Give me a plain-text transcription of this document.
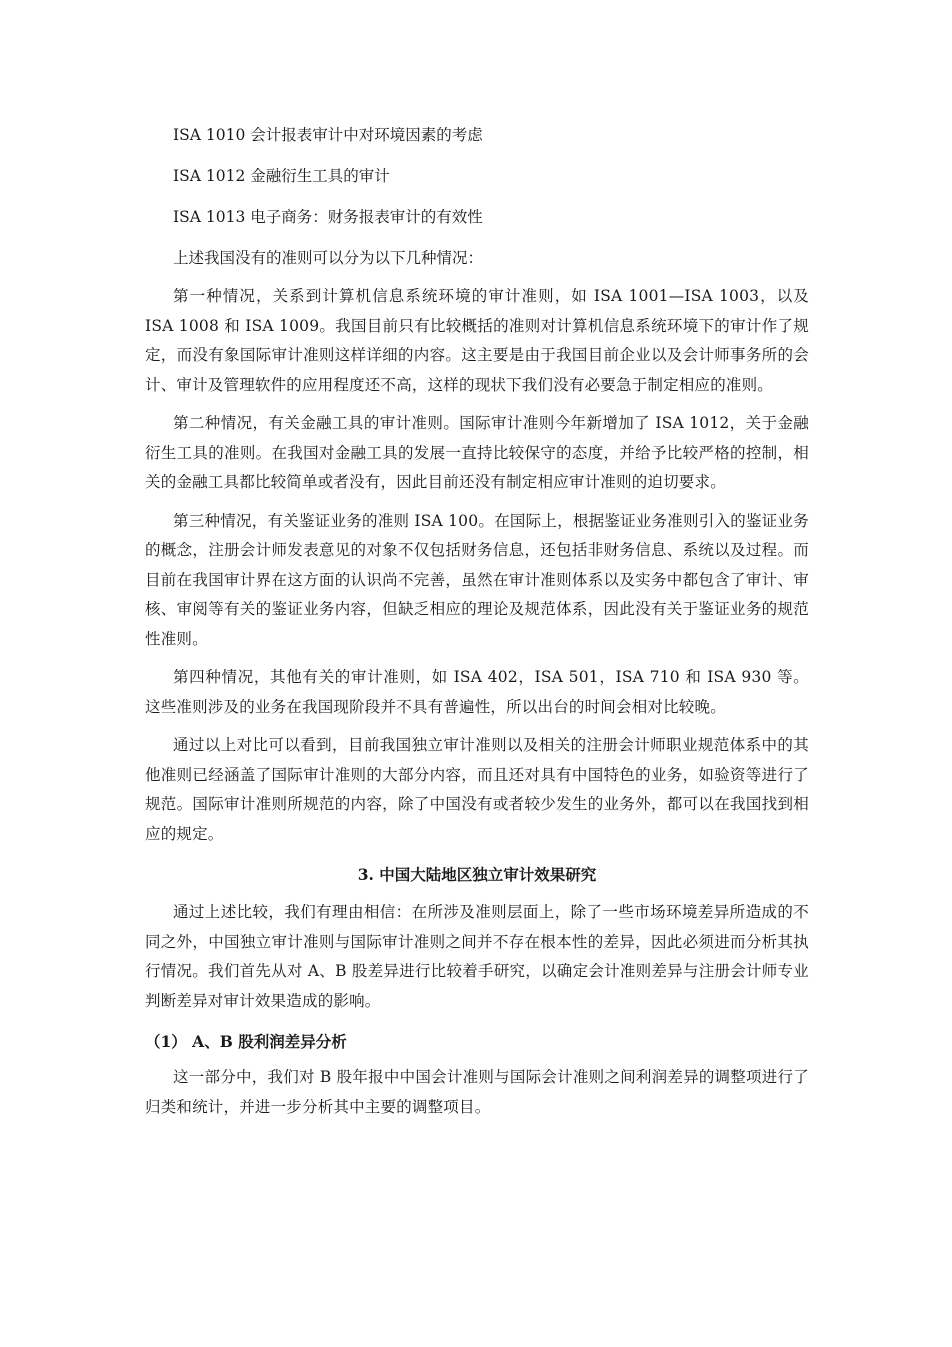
ISA 1010 会计报表审计中对环境因素的考虑
ISA 1012 金融衍生工具的审计
ISA 1013 电子商务：财务报表审计的有效性
上述我国没有的准则可以分为以下几种情况：

第一种情况，关系到计算机信息系统环境的审计准则，如 ISA 1001—ISA 1003，以及 ISA 1008 和 ISA 1009。我国目前只有比较概括的准则对计算机信息系统环境下的审计作了规定，而没有象国际审计准则这样详细的内容。这主要是由于我国目前企业以及会计师事务所的会计、审计及管理软件的应用程度还不高，这样的现状下我们没有必要急于制定相应的准则。

第二种情况，有关金融工具的审计准则。国际审计准则今年新增加了 ISA 1012，关于金融衍生工具的准则。在我国对金融工具的发展一直持比较保守的态度，并给予比较严格的控制，相关的金融工具都比较简单或者没有，因此目前还没有制定相应审计准则的迫切要求。

第三种情况，有关鉴证业务的准则 ISA 100。在国际上，根据鉴证业务准则引入的鉴证业务的概念，注册会计师发表意见的对象不仅包括财务信息，还包括非财务信息、系统以及过程。而目前在我国审计界在这方面的认识尚不完善，虽然在审计准则体系以及实务中都包含了审计、审核、审阅等有关的鉴证业务内容，但缺乏相应的理论及规范体系，因此没有关于鉴证业务的规范性准则。

第四种情况，其他有关的审计准则，如 ISA 402，ISA 501，ISA 710 和 ISA 930 等。这些准则涉及的业务在我国现阶段并不具有普遍性，所以出台的时间会相对比较晚。

通过以上对比可以看到，目前我国独立审计准则以及相关的注册会计师职业规范体系中的其他准则已经涵盖了国际审计准则的大部分内容，而且还对具有中国特色的业务，如验资等进行了规范。国际审计准则所规范的内容，除了中国没有或者较少发生的业务外，都可以在我国找到相应的规定。

3. 中国大陆地区独立审计效果研究

通过上述比较，我们有理由相信：在所涉及准则层面上，除了一些市场环境差异所造成的不同之外，中国独立审计准则与国际审计准则之间并不存在根本性的差异，因此必须进而分析其执行情况。我们首先从对 A、B 股差异进行比较着手研究，以确定会计准则差异与注册会计师专业判断差异对审计效果造成的影响。

（1） A、B 股利润差异分析

这一部分中，我们对 B 股年报中中国会计准则与国际会计准则之间利润差异的调整项进行了归类和统计，并进一步分析其中主要的调整项目。
